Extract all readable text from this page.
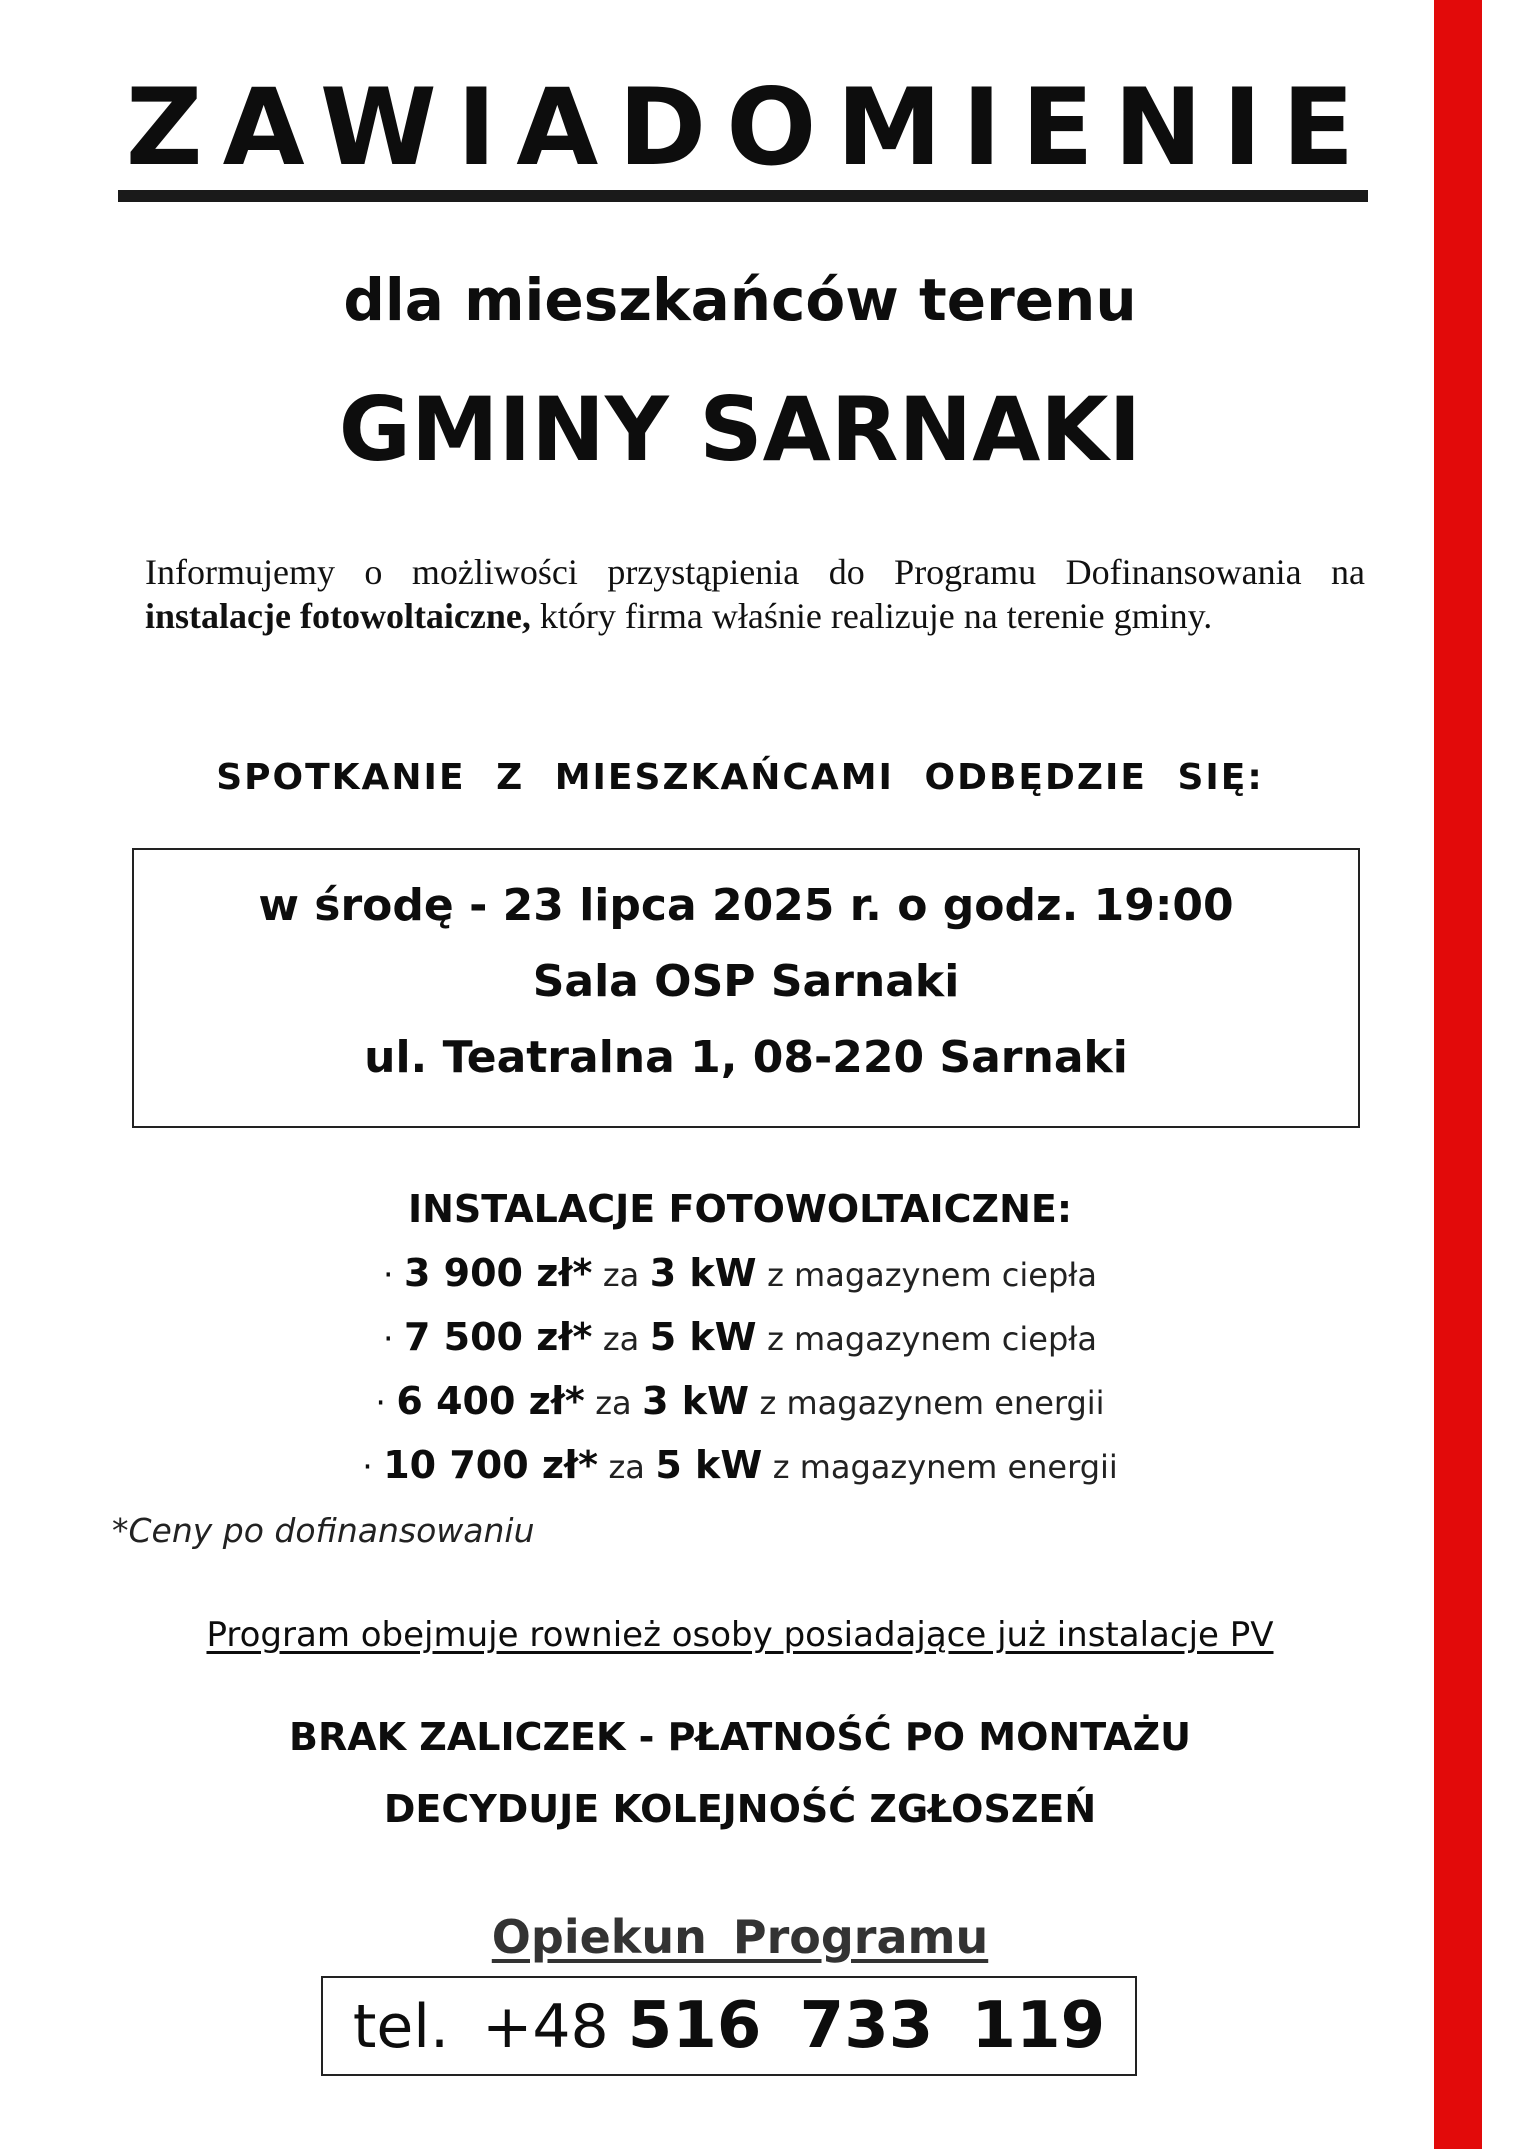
ZAWIADOMIENIE
dla mieszkańców terenu
GMINY SARNAKI
Informujemy o możliwości przystąpienia do Programu Dofinansowania na instalacje fotowoltaiczne, który firma właśnie realizuje na terenie gminy.
SPOTKANIE Z MIESZKAŃCAMI ODBĘDZIE SIĘ:
w środę - 23 lipca 2025 r. o godz. 19:00
Sala OSP Sarnaki
ul. Teatralna 1, 08-220 Sarnaki
INSTALACJE FOTOWOLTAICZNE:
· 3 900 zł* za 3 kW z magazynem ciepła
· 7 500 zł* za 5 kW z magazynem ciepła
· 6 400 zł* za 3 kW z magazynem energii
· 10 700 zł* za 5 kW z magazynem energii
*Ceny po dofinansowaniu
Program obejmuje rownież osoby posiadające już instalacje PV
BRAK ZALICZEK - PŁATNOŚĆ PO MONTAŻU
DECYDUJE KOLEJNOŚĆ ZGŁOSZEŃ
Opiekun Programu
tel. +48 516 733 119
